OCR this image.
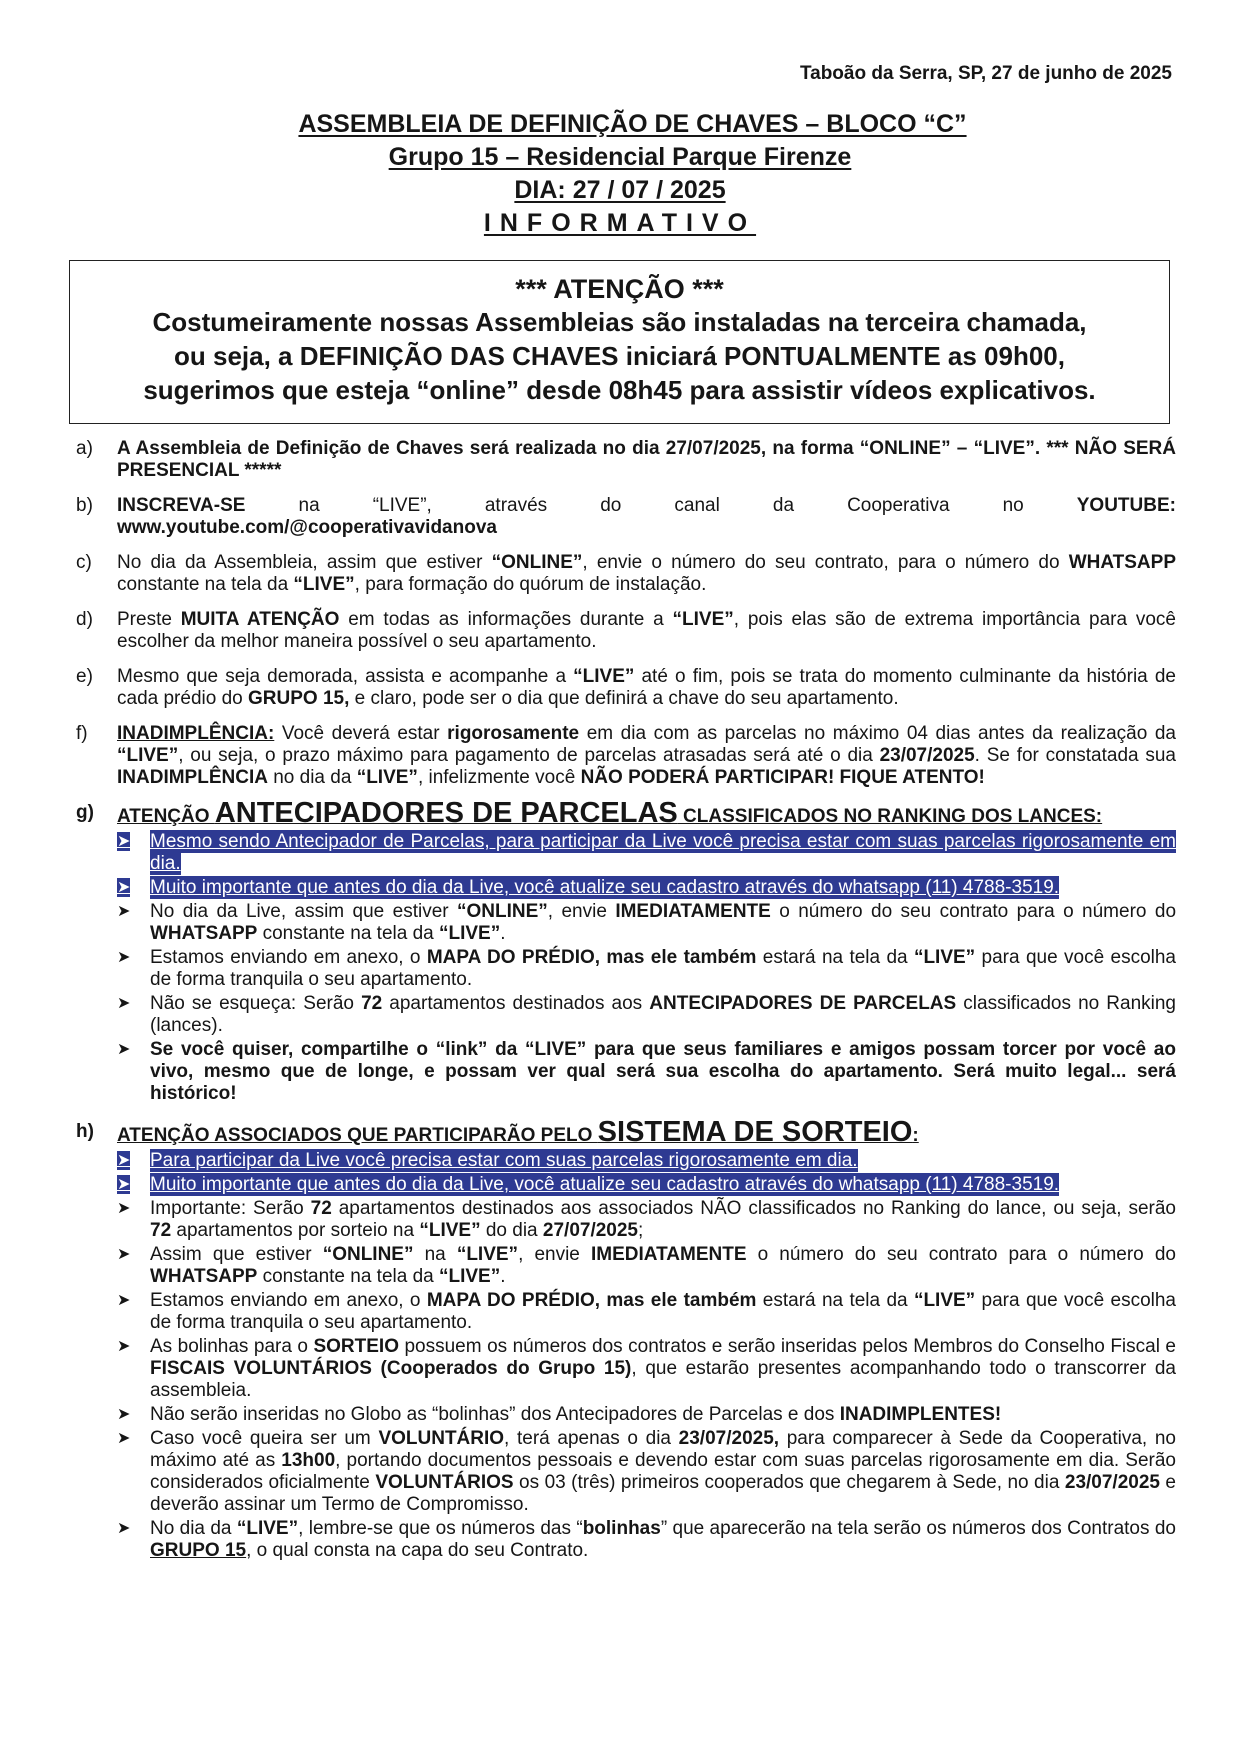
Taboão da Serra, SP, 27 de junho de 2025
ASSEMBLEIA DE DEFINIÇÃO DE CHAVES – BLOCO “C”
Grupo 15 – Residencial Parque Firenze
DIA: 27 / 07 / 2025
INFORMATIVO
*** ATENÇÃO ***
Costumeiramente nossas Assembleias são instaladas na terceira chamada,
ou seja, a DEFINIÇÃO DAS CHAVES iniciará PONTUALMENTE as 09h00,
sugerimos que esteja “online” desde 08h45 para assistir vídeos explicativos.
a)	A Assembleia de Definição de Chaves será realizada no dia 27/07/2025, na forma “ONLINE” – “LIVE”. *** NÃO SERÁ PRESENCIAL *****
b)	INSCREVA-SE	na	“LIVE”,	através	do	canal	da	Cooperativa	no	YOUTUBE:
www.youtube.com/@cooperativavidanova
c)	No dia da Assembleia, assim que estiver “ONLINE”, envie o número do seu contrato, para o número do WHATSAPP constante na tela da “LIVE”, para formação do quórum de instalação.
d)	Preste MUITA ATENÇÃO em todas as informações durante a “LIVE”, pois elas são de extrema importância para você escolher da melhor maneira possível o seu apartamento.
e)	Mesmo que seja demorada, assista e acompanhe a “LIVE” até o fim, pois se trata do momento culminante da história de cada prédio do GRUPO 15, e claro, pode ser o dia que definirá a chave do seu apartamento.
f)	INADIMPLÊNCIA: Você deverá estar rigorosamente em dia com as parcelas no máximo 04 dias antes da realização da “LIVE”, ou seja, o prazo máximo para pagamento de parcelas atrasadas será até o dia 23/07/2025. Se for constatada sua INADIMPLÊNCIA no dia da “LIVE”, infelizmente você NÃO PODERÁ PARTICIPAR! FIQUE ATENTO!
g)	ATENÇÃO ANTECIPADORES DE PARCELAS CLASSIFICADOS NO RANKING DOS LANCES:
➤	Mesmo sendo Antecipador de Parcelas, para participar da Live você precisa estar com suas parcelas rigorosamente em dia.
➤	Muito importante que antes do dia da Live, você atualize seu cadastro através do whatsapp (11) 4788-3519.
➤	No dia da Live, assim que estiver “ONLINE”, envie IMEDIATAMENTE o número do seu contrato para o número do WHATSAPP constante na tela da “LIVE”.
➤	Estamos enviando em anexo, o MAPA DO PRÉDIO, mas ele também estará na tela da “LIVE” para que você escolha de forma tranquila o seu apartamento.
➤	Não se esqueça: Serão 72 apartamentos destinados aos ANTECIPADORES DE PARCELAS classificados no Ranking (lances).
➤	Se você quiser, compartilhe o “link” da “LIVE” para que seus familiares e amigos possam torcer por você ao vivo, mesmo que de longe, e possam ver qual será sua escolha do apartamento. Será muito legal... será histórico!
h)	ATENÇÃO ASSOCIADOS QUE PARTICIPARÃO PELO SISTEMA DE SORTEIO:
➤	Para participar da Live você precisa estar com suas parcelas rigorosamente em dia.
➤	Muito importante que antes do dia da Live, você atualize seu cadastro através do whatsapp (11) 4788-3519.
➤	Importante: Serão 72 apartamentos destinados aos associados NÃO classificados no Ranking do lance, ou seja, serão 72 apartamentos por sorteio na “LIVE” do dia 27/07/2025;
➤	Assim que estiver “ONLINE” na “LIVE”, envie IMEDIATAMENTE o número do seu contrato para o número do WHATSAPP constante na tela da “LIVE”.
➤	Estamos enviando em anexo, o MAPA DO PRÉDIO, mas ele também estará na tela da “LIVE” para que você escolha de forma tranquila o seu apartamento.
➤	As bolinhas para o SORTEIO possuem os números dos contratos e serão inseridas pelos Membros do Conselho Fiscal e FISCAIS VOLUNTÁRIOS (Cooperados do Grupo 15), que estarão presentes acompanhando todo o transcorrer da assembleia.
➤	Não serão inseridas no Globo as “bolinhas” dos Antecipadores de Parcelas e dos INADIMPLENTES!
➤	Caso você queira ser um VOLUNTÁRIO, terá apenas o dia 23/07/2025, para comparecer à Sede da Cooperativa, no máximo até as 13h00, portando documentos pessoais e devendo estar com suas parcelas rigorosamente em dia. Serão considerados oficialmente VOLUNTÁRIOS os 03 (três) primeiros cooperados que chegarem à Sede, no dia 23/07/2025 e deverão assinar um Termo de Compromisso.
➤	No dia da “LIVE”, lembre-se que os números das “bolinhas” que aparecerão na tela serão os números dos Contratos do GRUPO 15, o qual consta na capa do seu Contrato.
